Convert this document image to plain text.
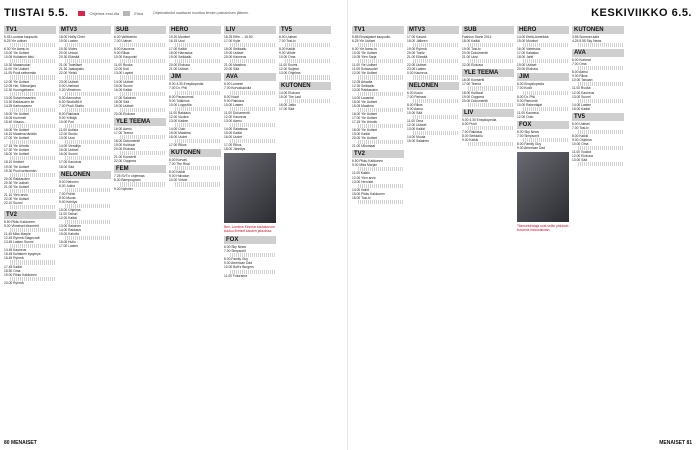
TIISTAI 5.5.	Ohjelma ensi-ilta	Elisa	Ohjelmatiedot saattavat muuttua lehden painamisen jälkeen.
TV1
5.45 Luontoa kaupunki-
6.25 Yle uutiset
6.30 Yle Aamu-tv
10.00 Yle Uutiset
10.05 Kultainen käsi
10.30 Maaseudun
11.00 Yle Uutiset
11.05 Puoli seitsemän
12.00 Yle Uutiset
12.05 Hei, Kilimanjaro
12.30 Kuningattaren
13.00 Sotaromaanien
13.30 Rakkauden tie
14.25 Karhusaaren
15.00 Yle Uutiset
15.05 Kummeli
15.40 Viisaus...
16.00 Yle Uutiset
16.15 Maailma tänään
17.00 Yle Uutiset
17.15 Yle Urheilu
17.30 Yle Uutiset
18.00 Yle Uutiset
18.10 Ihmiset
19.00 Yle Uutiset
19.30 Puoli seitsemän
20.00 Rakkauden
20.30 Yle uutiset
21.00 Yle Uutiset
21.10 Ylen arvio
22.00 Yle Uutiset
22.10 Suomi
TV2
6.50 Pikku Kakkonen
9.00 Viimeiset kilometrit
11.45 Miss Marple
12.45 Ryhmä Stagecraft
13.45 Lasten Suomi
14.45 Kauneus
15.45 Kultainen kysymys
16.45 Ryhmä
17.45 Kaikki
18.50 Oma
19.00 Pikku Kakkonen
20.00 Ryhmä
MTV3
18.00 Hollly Chen
19.00 Lasten
19.30 Viides
20.00 Unkari
20.30 Elämää
21.00 Todelliset
21.30 Jaakapallo
22.00 Yleisö
23.00 Uutiset
0.00 Unelmat
0.20 Viimeinen
5.30 Aamuvisa
6.00 Studio55.fi
7.00 Puoli Studio
8.00 Rakkaus
9.00 Yrittäjä
10.00 Pori
11.00 Uutisia
12.00 Studio
13.00 Uusi
14.00 Vierailija
15.00 Uutiset
16.00 Suomi
17.00 Kauneus
18.00 Sää
NELONEN
5.00 Nelonen
6.00 Jukka
7.00 Poliisi
8.00 Muuta
9.00 Kehitys
10.00 Ohjelma
11.00 Taikuri
12.00 Kaikki
13.00 Salainen
14.00 Rakkaus
15.00 Kahvila
16.00 Hullu
17.00 Lasten
SUB
6.00 Vaihtoehto
7.00 Uutiset
8.00 Kauneus
9.00 Rikas
10.00 Kaupunki
11.00 Ruoka
12.00 Koti
13.00 Lapset
14.00 Uutiset
15.00 Suomi
16.00 Kaikki
17.00 Salainen
18.00 Sää
19.00 Uutiset
20.00 Elokuva
YLE TEEMA
16.00 Aamu
17.00 Teema
18.00 Dokumentti
19.00 Kulttuuri
20.00 Elokuva
21.00 Konsertti
22.00 Ooppera
FEM
7.25 SVT:n ohjelmaa
8.00 Barnprogram
9.00 Nyheter
HERO
15.20 Moottori
16.15 Uusi
17.00 Kaikki
18.00 Harrastus
19.00 Seikkailu
20.00 Elokuva
21.00 Uutiset
JIM
5.00 4.30 Ensyklopedia
7.00 Dr. Phil
8.00 Paranormal
9.00 Tutkimus
10.00 Lopputila
11.00 Rakkaus
12.00 Vuokra
13.00 Kaiken
14.00 Outo
15.00 Maailma
16.00 Uudet
17.00 Rikos
KUTONEN
6.00 Korvari
7.00 The Real
8.00 Kaikki
9.00 Hulvaton
10.00 Viihde
LIV
16.25 Eftin ... 15.50
17.00 Kylie
18.00 Seikkailu
19.00 Uutiset
20.00 Kauneus
21.00 Maailma
22.00 Sää
AVA
6.00 Lumeen
7.00 Korvakuulolla
8.00 Nuori
9.00 Rakkaus
10.00 Lasten
11.00 Dokumentti
12.00 Kauneus
13.00 Aamu
14.00 Salaisuus
15.00 Kaikki
16.00 Uudet
17.00 Rikos
18.00 Jännitys
Ben, Lorraine Kinnear kaulakoruun kuuluu ihmiset kauden jaksoissa.
FOX
6.00 Sky News
7.00 Simpsonit
8.00 Family Guy
9.00 American Dad
10.00 Bob's Burgers
11.00 Futurama
TV5
6.00 Uutiset
7.00 Tosi-tv
8.00 Kaikki
9.00 Viihde
10.00 Oma
11.00 Suomi
12.00 Suljetut
13.00 Ohjelma
KUTONEN
14.00 Elokuva
15.00 The Last
16.00 Jatko
17.00 Sää
80 MENAISET
KESKIVIIKKO 6.5.
TV1
5.55 Ensisijaiset kaupunki-
6.25 Yle Uutiset
6.30 Yle Aamu-tv
10.00 Yle Uutiset
10.05 Ylen Sarja
11.00 Yle Uutiset
11.05 Sotavuodet
12.00 Yle Uutiset
12.05 Arkadia
12.30 Seikkailu
13.00 Rakkauden
14.00 Lauantai
15.00 Yle Uutiset
15.05 Maailma
16.00 Yle Uutiset
17.00 Yle Uutiset
17.15 Yle Urheilu
18.00 Yle Uutiset
19.00 Kaikki
20.00 Yle Uutiset
21.00 Ulkomaat
TV2
6.50 Pikku Kakkonen
9.00 Miss Marple
11.00 Kaikki
12.00 Ylen arvio
13.00 Hevoset
14.00 Ilmiöt
15.00 Pikku Kakkonen
16.00 Tosi-tv
MTV3
17.00 Kasvot
18.00 Jälkeen
19.00 Ryhmä
20.00 Tositv
21.00 Elämää
22.00 Uutiset
23.00 Lasten
0.00 Kauneus
NELONEN
6.00 Koulu
7.00 Parhaat
8.00 Rikos
9.00 Aamu
10.00 Sää
11.00 Oma
12.00 Uutiset
13.00 Kaikki
14.00 Muuta
15.00 Salainen
SUB
Fashion Stone 2014
18.00 Kaikki
19.00 Tosi-tv
20.00 Dokumentti
21.00 Uusi
22.00 Elokuva
YLE TEEMA
16.00 Konsertti
17.00 Teema
18.00 Kulttuuri
19.00 Ooppera
20.00 Dokumentti
LIV
5.00 4.30 Ensyklopedia
6.00 Puoli
7.00 Rakkaus
8.00 Seikkailu
9.00 Kaikki
HERO
14.00 Etelä-Amerikka
15.00 Moottori
16.00 Valmistus
17.00 Kalastus
18.00 Jahti
19.00 Uutiset
20.00 Elokuva
JIM
6.00 Ensyklopedia
7.00 Kodit
8.00 Dr. Phil
9.00 Remontti
10.00 Rakentajat
11.00 Kauneus
12.00 Outo
FOX
6.00 Sky News
7.00 Simpsonit
8.00 Family Guy
9.00 American Dad
Tilannetuhlaaja ovat selän pidukset kuvanne kaivosaikaan.
KUTONEN
3.55 Summer-kala
4.25 5.55 Sky News
AVA
6.00 Korkeat
7.00 Oma
8.00 Aamu
9.00 Rikos
10.00 Taivaan
11.00 Ruoka
12.00 Kauneus
13.00 Suomi
14.00 Lasten
15.00 Kaikki
TV5
6.00 Uutiset
7.00 Tosi-tv
8.00 Kaikki
9.00 Ohjelma
10.00 Oma
11.00 Vuokra
12.00 Elokuva
13.00 Sää
MENAISET 81
